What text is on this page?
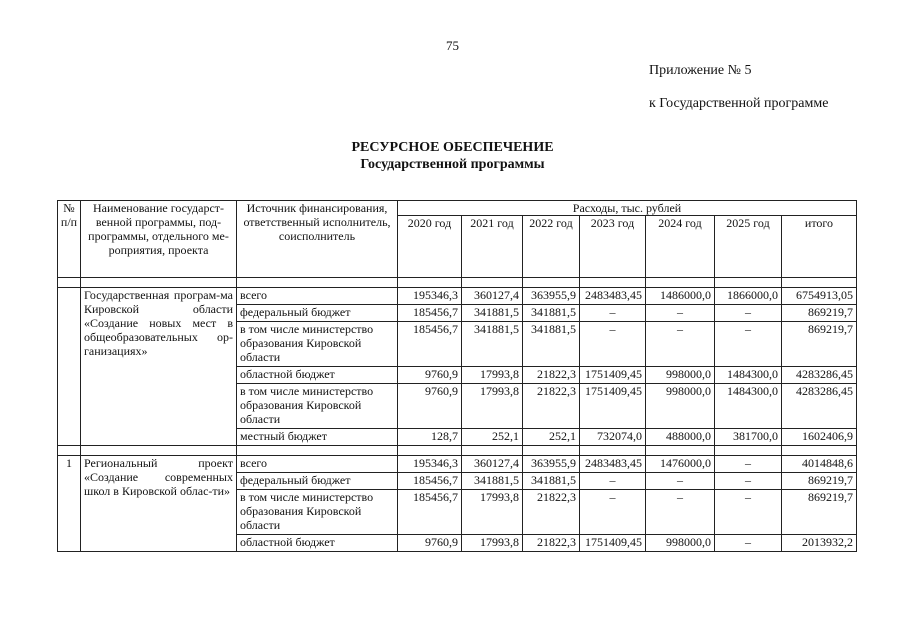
75
Приложение № 5
к Государственной программе
РЕСУРСНОЕ ОБЕСПЕЧЕНИЕ
Государственной программы
№
п/п	Наименование государст-венной программы, под-программы, отдельного ме-роприятия, проекта	Источник финансирования, ответственный исполнитель, соисполнитель	Расходы, тыс. рублей						
			2020 год	2021 год	2022 год	2023 год	2024 год	2025 год	итого

	Государственная програм-ма Кировской области «Создание новых мест в общеобразовательных ор-ганизациях»	всего	195346,3	360127,4	363955,9	2483483,45	1486000,0	1866000,0	6754913,05
		федеральный бюджет	185456,7	341881,5	341881,5	–	–	–	869219,7
		в том числе министерство образования Кировской области	185456,7	341881,5	341881,5	–	–	–	869219,7
		областной бюджет	9760,9	17993,8	21822,3	1751409,45	998000,0	1484300,0	4283286,45
		в том числе министерство образования Кировской области	9760,9	17993,8	21822,3	1751409,45	998000,0	1484300,0	4283286,45
		местный бюджет	128,7	252,1	252,1	732074,0	488000,0	381700,0	1602406,9

1	Региональный проект «Создание современных школ в Кировской облас-ти»	всего	195346,3	360127,4	363955,9	2483483,45	1476000,0	–	4014848,6
		федеральный бюджет	185456,7	341881,5	341881,5	–	–	–	869219,7
		в том числе министерство образования Кировской области	185456,7	17993,8	21822,3	–	–	–	869219,7
		областной бюджет	9760,9	17993,8	21822,3	1751409,45	998000,0	–	2013932,2
